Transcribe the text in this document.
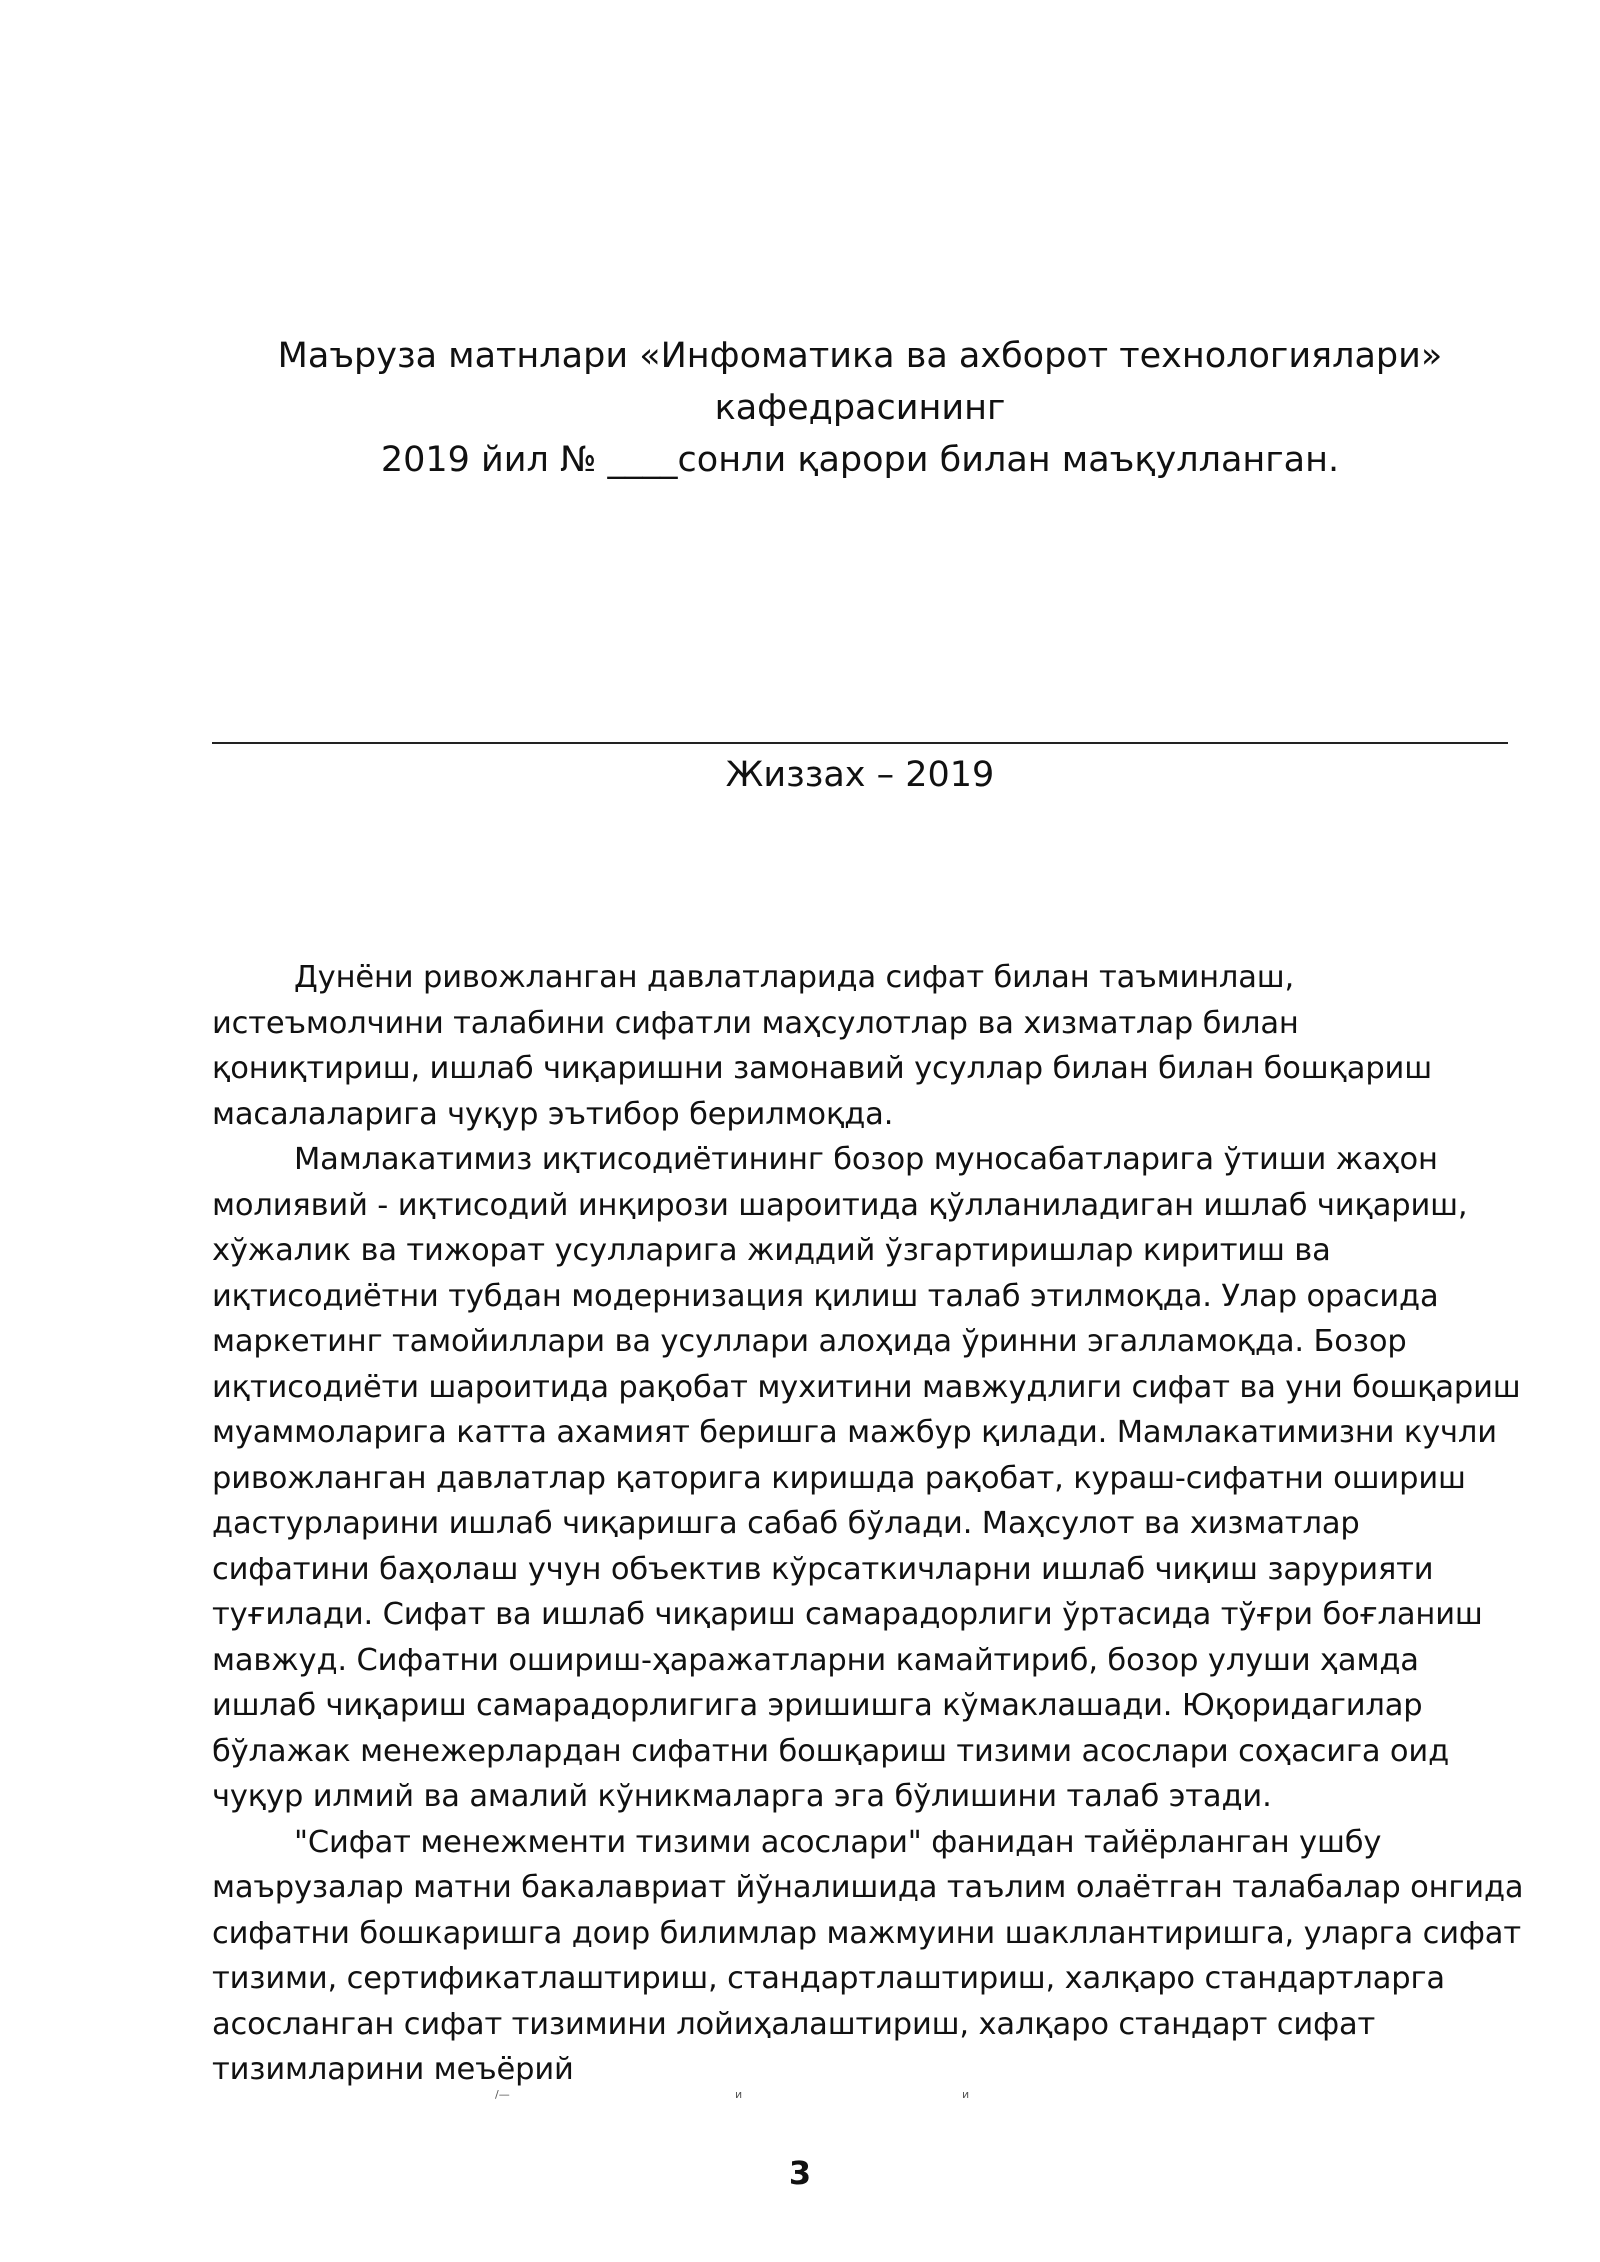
Маъруза матнлари «Инфоматика ва ахборот технологиялари»
кафедрасининг
2019 йил № ____сонли қарори билан маъқулланган.
Жиззах – 2019
Дунёни ривожланган давлатларида сифат билан таъминлаш,
истеъмолчини талабини сифатли маҳсулотлар ва хизматлар билан
қониқтириш, ишлаб чиқаришни замонавий усуллар билан билан бошқариш
масалаларига чуқур эътибор берилмоқда.
Мамлакатимиз иқтисодиётининг бозор муносабатларига ўтиши жаҳон
молиявий - иқтисодий инқирози шароитида қўлланиладиган ишлаб чиқариш,
хўжалик ва тижорат усулларига жиддий ўзгартиришлар киритиш ва
иқтисодиётни тубдан модернизация қилиш талаб этилмоқда. Улар орасида
маркетинг тамойиллари ва усуллари алоҳида ўринни эгалламоқда. Бозор
иқтисодиёти шароитида рақобат мухитини мавжудлиги сифат ва уни бошқариш
муаммоларига катта ахамият беришга мажбур қилади. Мамлакатимизни кучли
ривожланган давлатлар қаторига киришда рақобат, кураш-сифатни ошириш
дастурларини ишлаб чиқаришга сабаб бўлади. Маҳсулот ва хизматлар
сифатини баҳолаш учун объектив кўрсаткичларни ишлаб чиқиш зарурияти
туғилади. Сифат ва ишлаб чиқариш самарадорлиги ўртасида тўғри боғланиш
мавжуд. Сифатни ошириш-ҳаражатларни камайтириб, бозор улуши ҳамда
ишлаб чиқариш самарадорлигига эришишга кўмаклашади. Юқоридагилар
бўлажак менежерлардан сифатни бошқариш тизими асослари соҳасига оид
чуқур илмий ва амалий кўникмаларга эга бўлишини талаб этади.
"Сифат менежменти тизими асослари" фанидан тайёрланган ушбу
маърузалар матни бакалавриат йўналишида таълим олаётган талабалар онгида
сифатни бошкаришга доир билимлар мажмуини шакллантиришга, уларга сифат
тизими, сертификатлаштириш, стандартлаштириш, халқаро стандартларга
асосланган сифат тизимини лойиҳалаштириш, халқаро стандарт сифат
тизимларини меъёрий
/—	и	и
3
